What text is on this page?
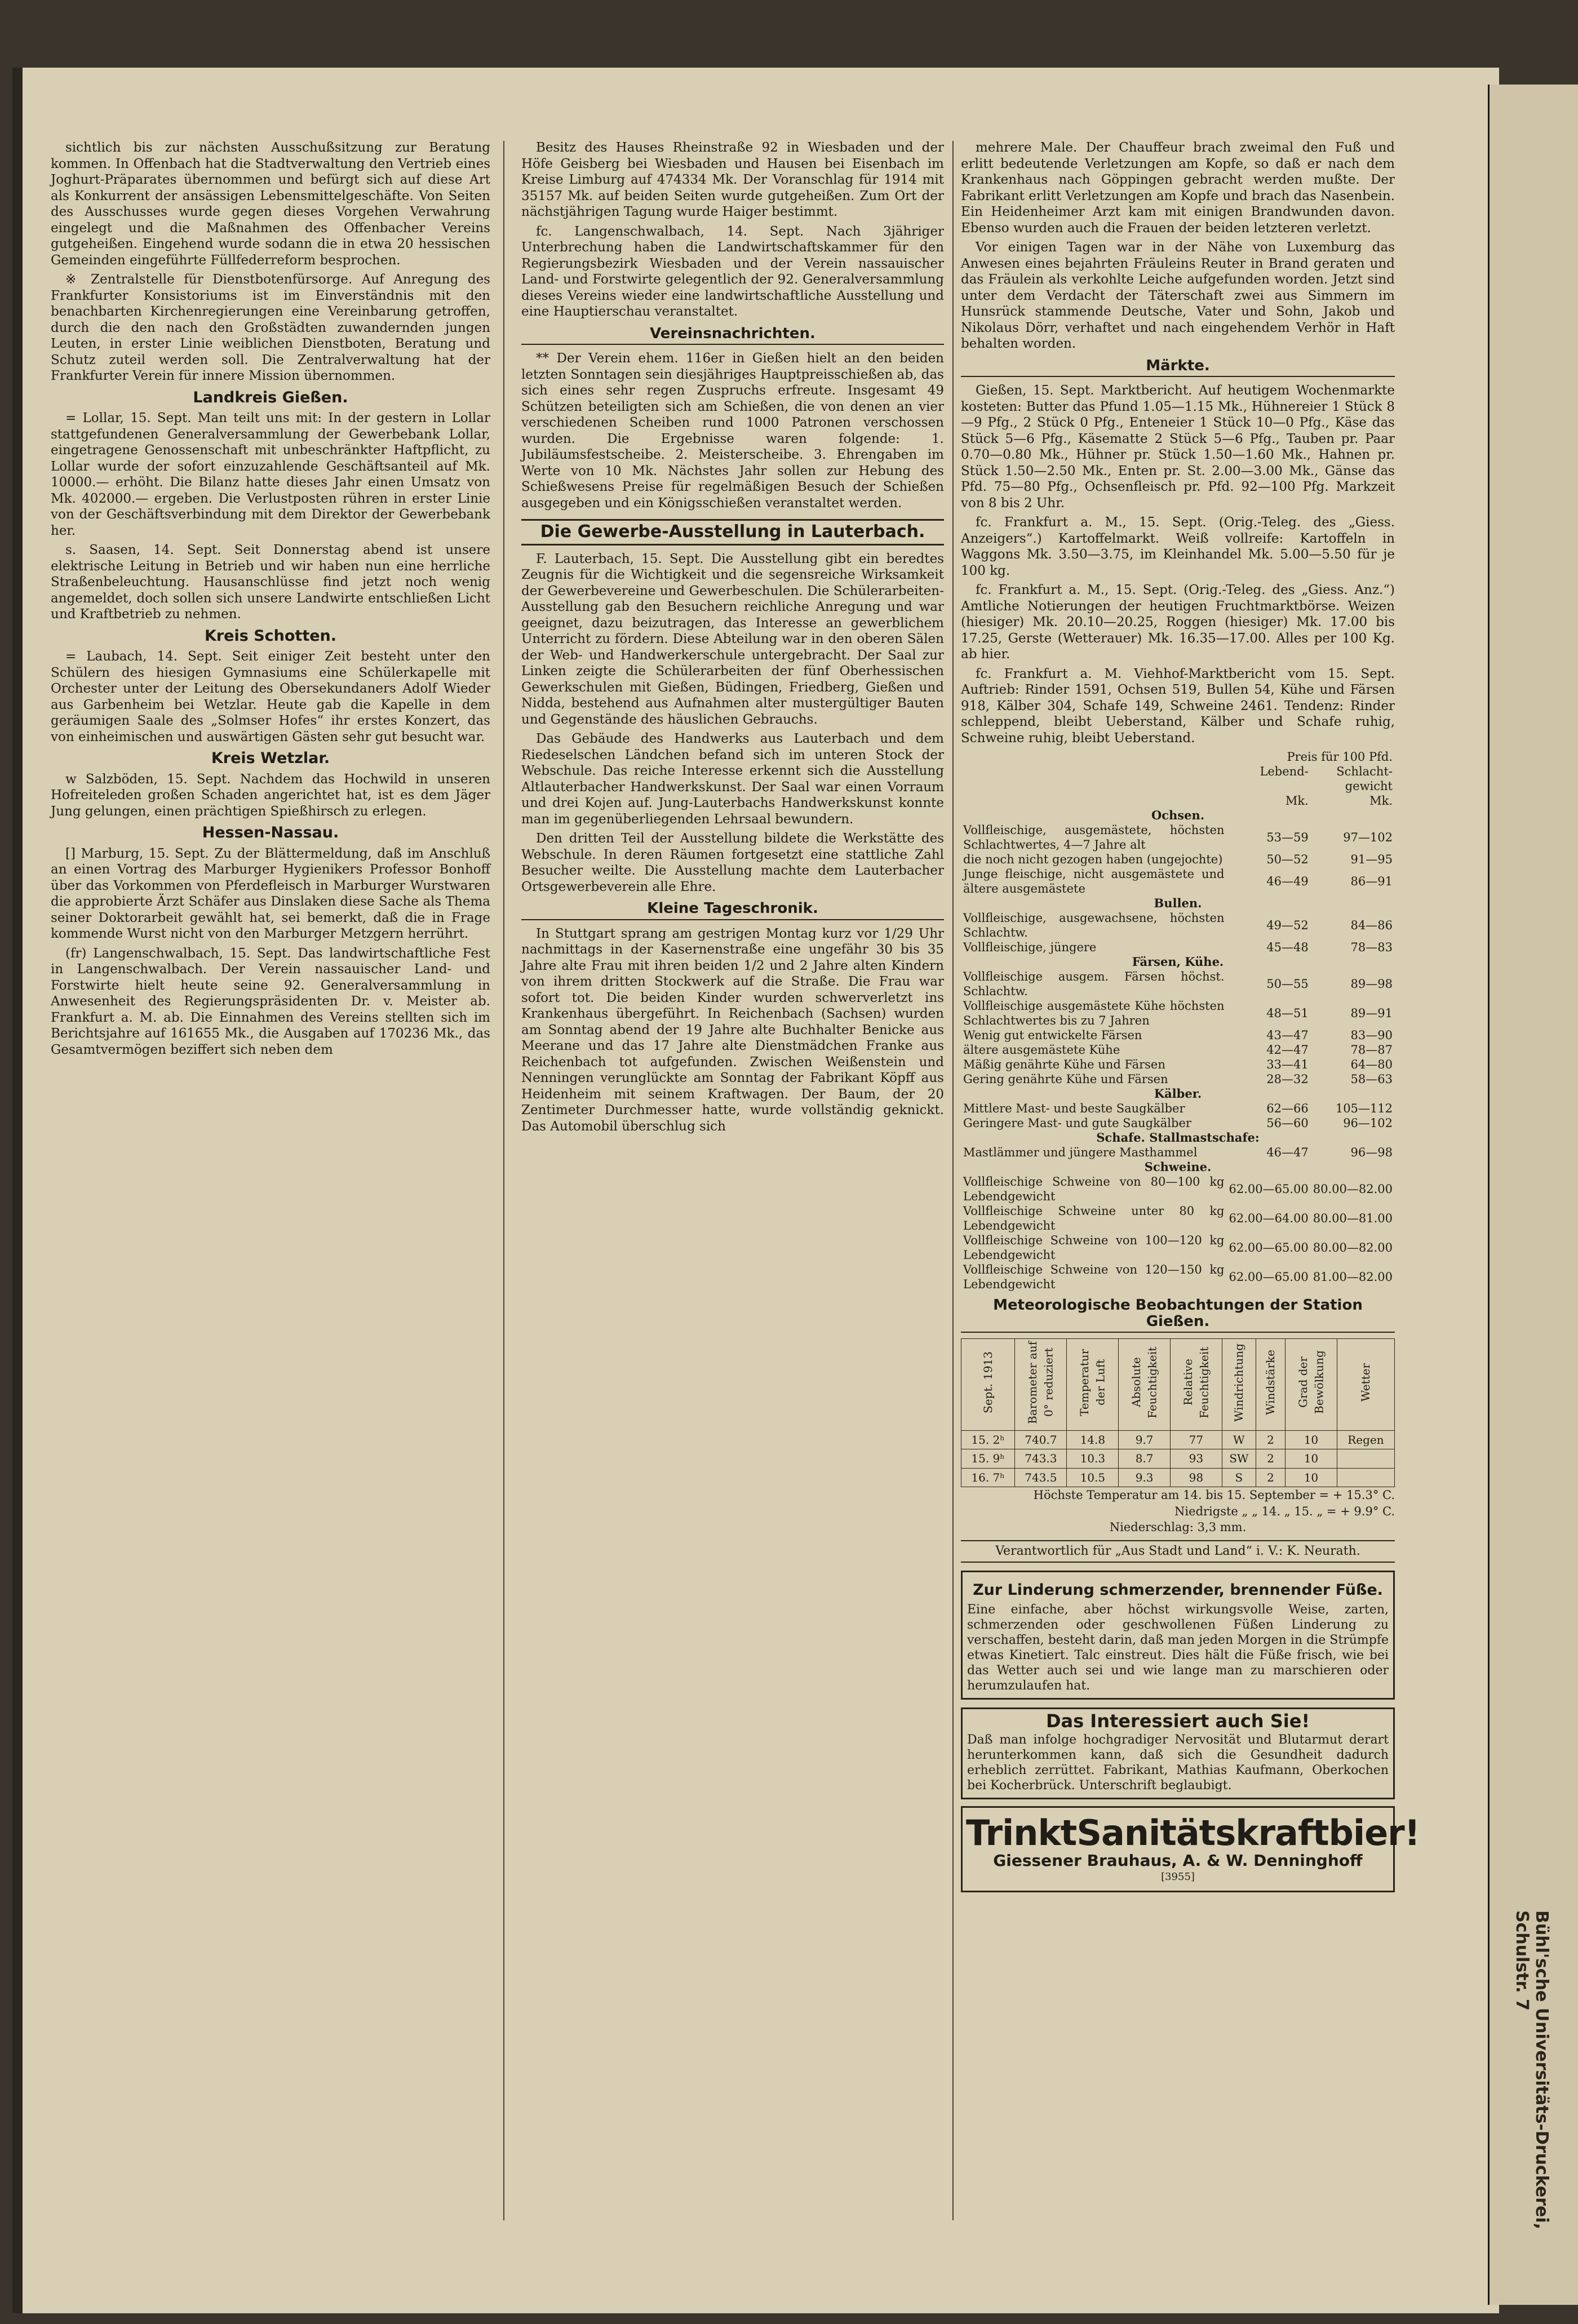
Bühl'sche Universitäts-Druckerei, Schulstr. 7

sichtlich bis zur nächsten Ausschußsitzung zur Beratung kommen. In Offenbach hat die Stadtverwaltung den Vertrieb eines Joghurt-Präparates übernommen und befürgt sich auf diese Art als Konkurrent der ansässigen Lebensmittelgeschäfte. Von Seiten des Ausschusses wurde gegen dieses Vorgehen Verwahrung eingelegt und die Maßnahmen des Offenbacher Vereins gutgeheißen. Eingehend wurde sodann die in etwa 20 hessischen Gemeinden eingeführte Füllfederreform besprochen.

※ Zentralstelle für Dienstbotenfürsorge. Auf Anregung des Frankfurter Konsistoriums ist im Einverständnis mit den benachbarten Kirchenregierungen eine Vereinbarung getroffen, durch die den nach den Großstädten zuwandernden jungen Leuten, in erster Linie weiblichen Dienstboten, Beratung und Schutz zuteil werden soll. Die Zentralverwaltung hat der Frankfurter Verein für innere Mission übernommen.

Landkreis Gießen.

= Lollar, 15. Sept. Man teilt uns mit: In der gestern in Lollar stattgefundenen Generalversammlung der Gewerbebank Lollar, eingetragene Genossenschaft mit unbeschränkter Haftpflicht, zu Lollar wurde der sofort einzuzahlende Geschäftsanteil auf Mk. 10000.— erhöht. Die Bilanz hatte dieses Jahr einen Umsatz von Mk. 402000.— ergeben. Die Verlustposten rühren in erster Linie von der Geschäftsverbindung mit dem Direktor der Gewerbebank her.

s. Saasen, 14. Sept. Seit Donnerstag abend ist unsere elektrische Leitung in Betrieb und wir haben nun eine herrliche Straßenbeleuchtung. Hausanschlüsse find jetzt noch wenig angemeldet, doch sollen sich unsere Landwirte entschließen Licht und Kraftbetrieb zu nehmen.

Kreis Schotten.

= Laubach, 14. Sept. Seit einiger Zeit besteht unter den Schülern des hiesigen Gymnasiums eine Schülerkapelle mit Orchester unter der Leitung des Obersekundaners Adolf Wieder aus Garbenheim bei Wetzlar. Heute gab die Kapelle in dem geräumigen Saale des „Solmser Hofes“ ihr erstes Konzert, das von einheimischen und auswärtigen Gästen sehr gut besucht war.

Kreis Wetzlar.

w Salzböden, 15. Sept. Nachdem das Hochwild in unseren Hofreiteleden großen Schaden angerichtet hat, ist es dem Jäger Jung gelungen, einen prächtigen Spießhirsch zu erlegen.

Hessen-Nassau.

[] Marburg, 15. Sept. Zu der Blättermeldung, daß im Anschluß an einen Vortrag des Marburger Hygienikers Professor Bonhoff über das Vorkommen von Pferdefleisch in Marburger Wurstwaren die approbierte Ärzt Schäfer aus Dinslaken diese Sache als Thema seiner Doktorarbeit gewählt hat, sei bemerkt, daß die in Frage kommende Wurst nicht von den Marburger Metzgern herrührt.

(fr) Langenschwalbach, 15. Sept. Das landwirtschaftliche Fest in Langenschwalbach. Der Verein nassauischer Land- und Forstwirte hielt heute seine 92. Generalversammlung in Anwesenheit des Regierungspräsidenten Dr. v. Meister ab. Frankfurt a. M. ab. Die Einnahmen des Vereins stellten sich im Berichtsjahre auf 161655 Mk., die Ausgaben auf 170236 Mk., das Gesamtvermögen beziffert sich neben dem

Besitz des Hauses Rheinstraße 92 in Wiesbaden und der Höfe Geisberg bei Wiesbaden und Hausen bei Eisenbach im Kreise Limburg auf 474334 Mk. Der Voranschlag für 1914 mit 35157 Mk. auf beiden Seiten wurde gutgeheißen. Zum Ort der nächstjährigen Tagung wurde Haiger bestimmt.

fc. Langenschwalbach, 14. Sept. Nach 3jähriger Unterbrechung haben die Landwirtschaftskammer für den Regierungsbezirk Wiesbaden und der Verein nassauischer Land- und Forstwirte gelegentlich der 92. Generalversammlung dieses Vereins wieder eine landwirtschaftliche Ausstellung und eine Hauptierschau veranstaltet.

Vereinsnachrichten.

** Der Verein ehem. 116er in Gießen hielt an den beiden letzten Sonntagen sein diesjähriges Hauptpreisschießen ab, das sich eines sehr regen Zuspruchs erfreute. Insgesamt 49 Schützen beteiligten sich am Schießen, die von denen an vier verschiedenen Scheiben rund 1000 Patronen verschossen wurden. Die Ergebnisse waren folgende: 1. Jubiläumsfestscheibe. 2. Meisterscheibe. 3. Ehrengaben im Werte von 10 Mk. Nächstes Jahr sollen zur Hebung des Schießwesens Preise für regelmäßigen Besuch der Schießen ausgegeben und ein Königsschießen veranstaltet werden.

Die Gewerbe-Ausstellung in Lauterbach.

F. Lauterbach, 15. Sept. Die Ausstellung gibt ein beredtes Zeugnis für die Wichtigkeit und die segensreiche Wirksamkeit der Gewerbevereine und Gewerbeschulen. Die Schülerarbeiten-Ausstellung gab den Besuchern reichliche Anregung und war geeignet, dazu beizutragen, das Interesse an gewerblichem Unterricht zu fördern. Diese Abteilung war in den oberen Sälen der Web- und Handwerkerschule untergebracht. Der Saal zur Linken zeigte die Schülerarbeiten der fünf Oberhessischen Gewerkschulen mit Gießen, Büdingen, Friedberg, Gießen und Nidda, bestehend aus Aufnahmen alter mustergültiger Bauten und Gegenstände des häuslichen Gebrauchs.

Das Gebäude des Handwerks aus Lauterbach und dem Riedeselschen Ländchen befand sich im unteren Stock der Webschule. Das reiche Interesse erkennt sich die Ausstellung Altlauterbacher Handwerkskunst. Der Saal war einen Vorraum und drei Kojen auf. Jung-Lauterbachs Handwerkskunst konnte man im gegenüberliegenden Lehrsaal bewundern.

Den dritten Teil der Ausstellung bildete die Werkstätte des Webschule. In deren Räumen fortgesetzt eine stattliche Zahl Besucher weilte. Die Ausstellung machte dem Lauterbacher Ortsgewerbeverein alle Ehre.

Kleine Tageschronik.

In Stuttgart sprang am gestrigen Montag kurz vor 1/29 Uhr nachmittags in der Kasernenstraße eine ungefähr 30 bis 35 Jahre alte Frau mit ihren beiden 1/2 und 2 Jahre alten Kindern von ihrem dritten Stockwerk auf die Straße. Die Frau war sofort tot. Die beiden Kinder wurden schwerverletzt ins Krankenhaus übergeführt. In Reichenbach (Sachsen) wurden am Sonntag abend der 19 Jahre alte Buchhalter Benicke aus Meerane und das 17 Jahre alte Dienstmädchen Franke aus Reichenbach tot aufgefunden. Zwischen Weißenstein und Nenningen verunglückte am Sonntag der Fabrikant Köpff aus Heidenheim mit seinem Kraftwagen. Der Baum, der 20 Zentimeter Durchmesser hatte, wurde vollständig geknickt. Das Automobil überschlug sich

mehrere Male. Der Chauffeur brach zweimal den Fuß und erlitt bedeutende Verletzungen am Kopfe, so daß er nach dem Krankenhaus nach Göppingen gebracht werden mußte. Der Fabrikant erlitt Verletzungen am Kopfe und brach das Nasenbein. Ein Heidenheimer Arzt kam mit einigen Brandwunden davon. Ebenso wurden auch die Frauen der beiden letzteren verletzt.

Vor einigen Tagen war in der Nähe von Luxemburg das Anwesen eines bejahrten Fräuleins Reuter in Brand geraten und das Fräulein als verkohlte Leiche aufgefunden worden. Jetzt sind unter dem Verdacht der Täterschaft zwei aus Simmern im Hunsrück stammende Deutsche, Vater und Sohn, Jakob und Nikolaus Dörr, verhaftet und nach eingehendem Verhör in Haft behalten worden.

Märkte.

Gießen, 15. Sept. Marktbericht. Auf heutigem Wochenmarkte kosteten: Butter das Pfund 1.05—1.15 Mk., Hühnereier 1 Stück 8—9 Pfg., 2 Stück 0 Pfg., Enteneier 1 Stück 10—0 Pfg., Käse das Stück 5—6 Pfg., Käsematte 2 Stück 5—6 Pfg., Tauben pr. Paar 0.70—0.80 Mk., Hühner pr. Stück 1.50—1.60 Mk., Hahnen pr. Stück 1.50—2.50 Mk., Enten pr. St. 2.00—3.00 Mk., Gänse das Pfd. 75—80 Pfg., Ochsenfleisch pr. Pfd. 92—100 Pfg. Markzeit von 8 bis 2 Uhr.

fc. Frankfurt a. M., 15. Sept. (Orig.-Teleg. des „Giess. Anzeigers“.) Kartoffelmarkt. Weiß vollreife: Kartoffeln in Waggons Mk. 3.50—3.75, im Kleinhandel Mk. 5.00—5.50 für je 100 kg.

fc. Frankfurt a. M., 15. Sept. (Orig.-Teleg. des „Giess. Anz.“) Amtliche Notierungen der heutigen Fruchtmarktbörse. Weizen (hiesiger) Mk. 20.10—20.25, Roggen (hiesiger) Mk. 17.00 bis 17.25, Gerste (Wetterauer) Mk. 16.35—17.00. Alles per 100 Kg. ab hier.

fc. Frankfurt a. M. Viehhof-Marktbericht vom 15. Sept. Auftrieb: Rinder 1591, Ochsen 519, Bullen 54, Kühe und Färsen 918, Kälber 304, Schafe 149, Schweine 2461. Tendenz: Rinder schleppend, bleibt Ueberstand, Kälber und Schafe ruhig, Schweine ruhig, bleibt Ueberstand.

	Preis für 100 Pfd.	
	Lebend-	Schlacht-
	gewicht	
	Mk.	Mk.
Ochsen.		
Vollfleischige, ausgemästete, höchsten Schlachtwertes, 4—7 Jahre alt	53—59	97—102
die noch nicht gezogen haben (ungejochte)	50—52	91—95
Junge fleischige, nicht ausgemästete und ältere ausgemästete	46—49	86—91
Bullen.		
Vollfleischige, ausgewachsene, höchsten Schlachtw.	49—52	84—86
Vollfleischige, jüngere	45—48	78—83
Färsen, Kühe.		
Vollfleischige ausgem. Färsen höchst. Schlachtw.	50—55	89—98
Vollfleischige ausgemästete Kühe höchsten Schlachtwertes bis zu 7 Jahren	48—51	89—91
Wenig gut entwickelte Färsen	43—47	83—90
ältere ausgemästete Kühe	42—47	78—87
Mäßig genährte Kühe und Färsen	33—41	64—80
Gering genährte Kühe und Färsen	28—32	58—63
Kälber.		
Mittlere Mast- und beste Saugkälber	62—66	105—112
Geringere Mast- und gute Saugkälber	56—60	96—102
Schafe. Stallmastschafe:		
Mastlämmer und jüngere Masthammel	46—47	96—98
Schweine.		
Vollfleischige Schweine von 80—100 kg Lebendgewicht	62.00—65.00	80.00—82.00
Vollfleischige Schweine unter 80 kg Lebendgewicht	62.00—64.00	80.00—81.00
Vollfleischige Schweine von 100—120 kg Lebendgewicht	62.00—65.00	80.00—82.00
Vollfleischige Schweine von 120—150 kg Lebendgewicht	62.00—65.00	81.00—82.00
Meteorologische Beobachtungen der Station Gießen.
Sept. 1913	Barometer auf 0° reduziert	Temperatur der Luft	Absolute Feuchtigkeit	Relative Feuchtigkeit	Windrichtung	Windstärke	Grad der Bewölkung	Wetter
15. 2ʰ	740.7	14.8	9.7	77	W	2	10	Regen
15. 9ʰ	743.3	10.3	8.7	93	SW	2	10	
16. 7ʰ	743.5	10.5	9.3	98	S	2	10	
Höchste Temperatur am 14. bis 15. September = + 15.3° C.
Niedrigste „ „ 14. „ 15. „ = + 9.9° C.
Niederschlag: 3,3 mm.
Verantwortlich für „Aus Stadt und Land“ i. V.: K. Neurath.
Zur Linderung schmerzender, brennender Füße.
Eine einfache, aber höchst wirkungsvolle Weise, zarten, schmerzenden oder geschwollenen Füßen Linderung zu verschaffen, besteht darin, daß man jeden Morgen in die Strümpfe etwas Kinetiert. Talc einstreut. Dies hält die Füße frisch, wie bei das Wetter auch sei und wie lange man zu marschieren oder herumzulaufen hat.
Das Interessiert auch Sie!
Daß man infolge hochgradiger Nervosität und Blutarmut derart herunterkommen kann, daß sich die Gesundheit dadurch erheblich zerrüttet. Fabrikant, Mathias Kaufmann, Oberkochen bei Kocherbrück. Unterschrift beglaubigt.
TrinktSanitätskraftbier!
Giessener Brauhaus, A. & W. Denninghoff
[3955]
